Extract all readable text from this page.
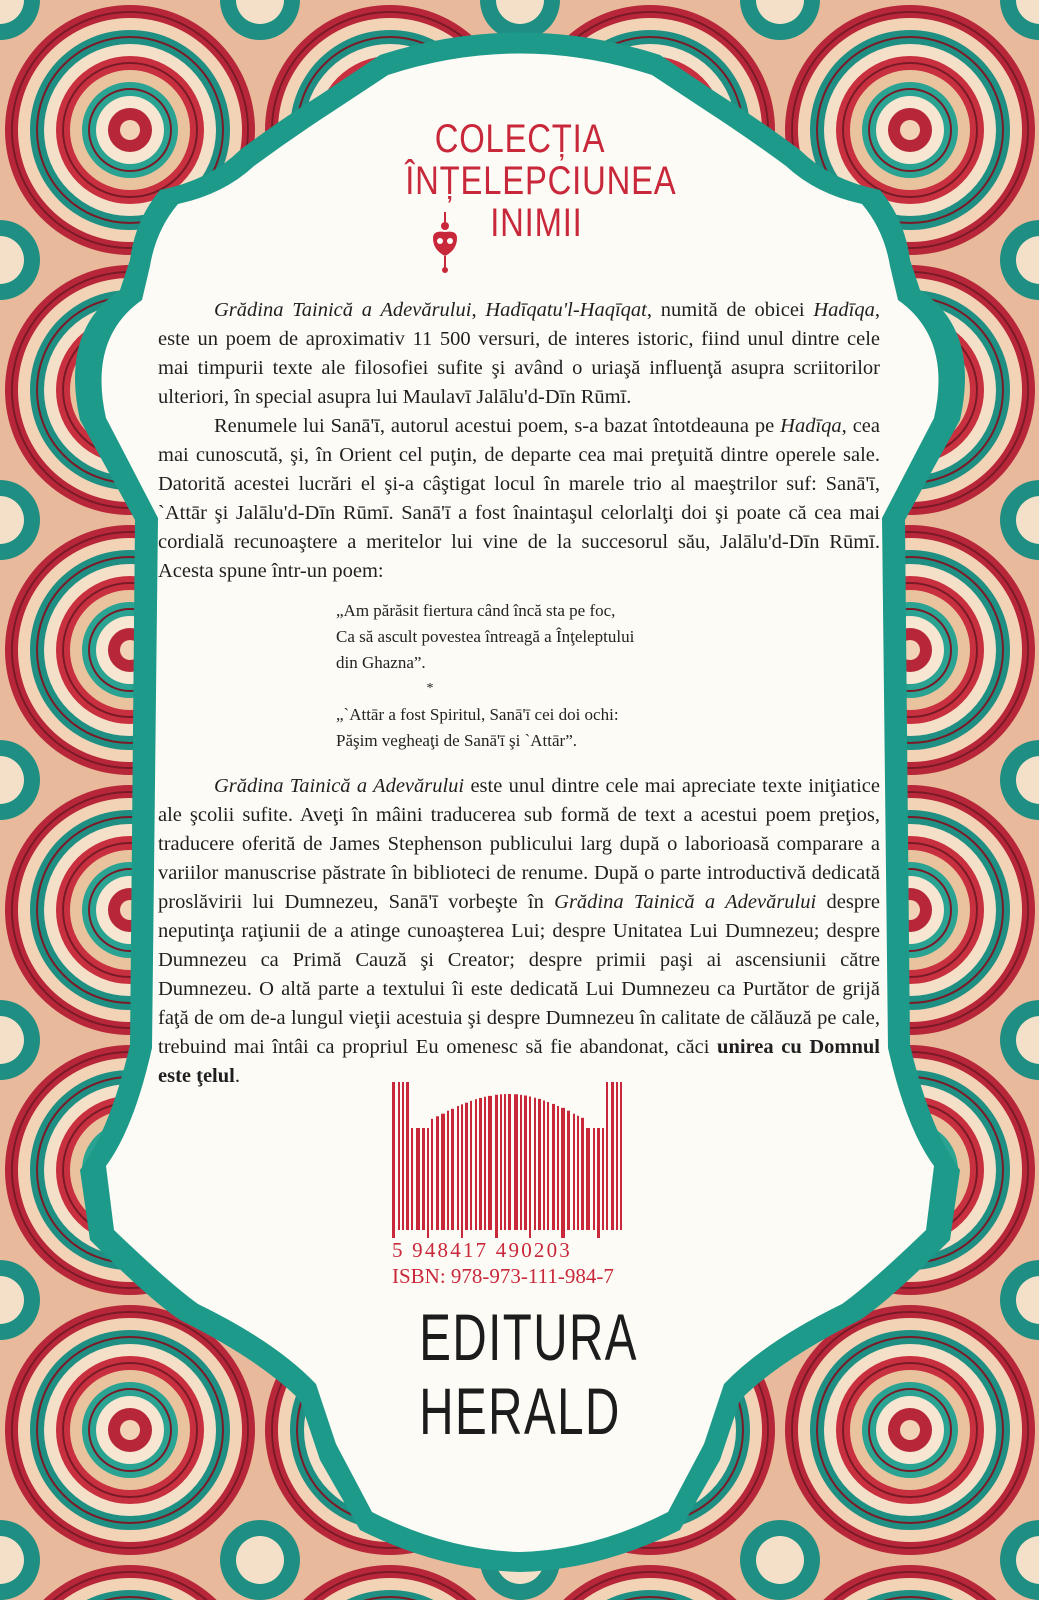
COLECȚIA
ÎNȚELEPCIUNEA
INIMII

Grădina Tainică a Adevărului, Hadīqatu'l-Haqīqat, numită de obicei Hadīqa, este un poem de aproximativ 11 500 versuri, de interes istoric, fiind unul dintre cele mai timpurii texte ale filosofiei sufite şi având o uriaşă influenţă asupra scriitorilor ulteriori, în special asupra lui Maulavī Jalālu'd-Dīn Rūmī.

Renumele lui Sanā'ī, autorul acestui poem, s-a bazat întotdeauna pe Hadīqa, cea mai cunoscută, şi, în Orient cel puţin, de departe cea mai preţuită dintre operele sale. Datorită acestei lucrări el şi-a câştigat locul în marele trio al maeştrilor suf: Sanā'ī, `Attār şi Jalālu'd-Dīn Rūmī. Sanā'ī a fost înaintaşul celorlalţi doi şi poate că cea mai cordială recunoaştere a meritelor lui vine de la succesorul său, Jalālu'd-Dīn Rūmī. Acesta spune într-un poem:

„Am părăsit fiertura când încă sta pe foc,
Ca să ascult povestea întreagă a Înţeleptului
din Ghazna”.
*
„`Attār a fost Spiritul, Sanā'ī cei doi ochi:
Păşim vegheaţi de Sanā'ī şi `Attār”.

Grădina Tainică a Adevărului este unul dintre cele mai apreciate texte iniţiatice ale şcolii sufite. Aveţi în mâini traducerea sub formă de text a acestui poem preţios, traducere oferită de James Stephenson publicului larg după o laborioasă comparare a variilor manuscrise păstrate în biblioteci de renume. După o parte introductivă dedicată proslăvirii lui Dumnezeu, Sanā'ī vorbeşte în Grădina Tainică a Adevărului despre neputinţa raţiunii de a atinge cunoaşterea Lui; despre Unitatea Lui Dumnezeu; despre Dumnezeu ca Primă Cauză şi Creator; despre primii paşi ai ascensiunii către Dumnezeu. O altă parte a textului îi este dedicată Lui Dumnezeu ca Purtător de grijă faţă de om de-a lungul vieţii acestuia şi despre Dumnezeu în calitate de călăuză pe cale, trebuind mai întâi ca propriul Eu omenesc să fie abandonat, căci unirea cu Domnul este ţelul.

5 948417 490203
ISBN: 978-973-111-984-7
EDITURA
HERALD
